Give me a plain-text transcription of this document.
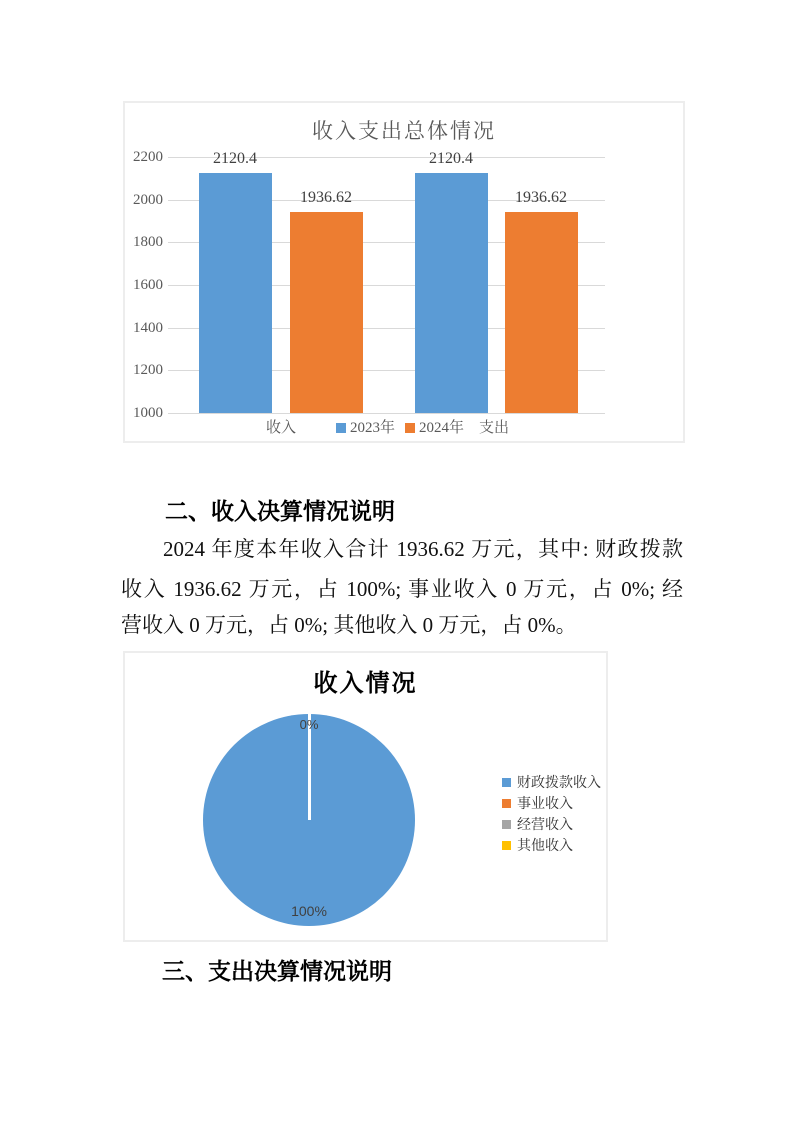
收入支出总体情况
2200
2000
1800
1600
1400
1200
1000
2120.4
1936.62
2120.4
1936.62
收入	支出
2023年 2024年
二、收入决算情况说明
2024 年度本年收入合计 1936.62 万元，其中: 财政拨款
收入 1936.62 万元，占 100%; 事业收入 0 万元，占 0%; 经
营收入 0 万元，占 0%; 其他收入 0 万元，占 0%。
收入情况
0%
100%
财政拨款收入
事业收入
经营收入
其他收入
三、支出决算情况说明
